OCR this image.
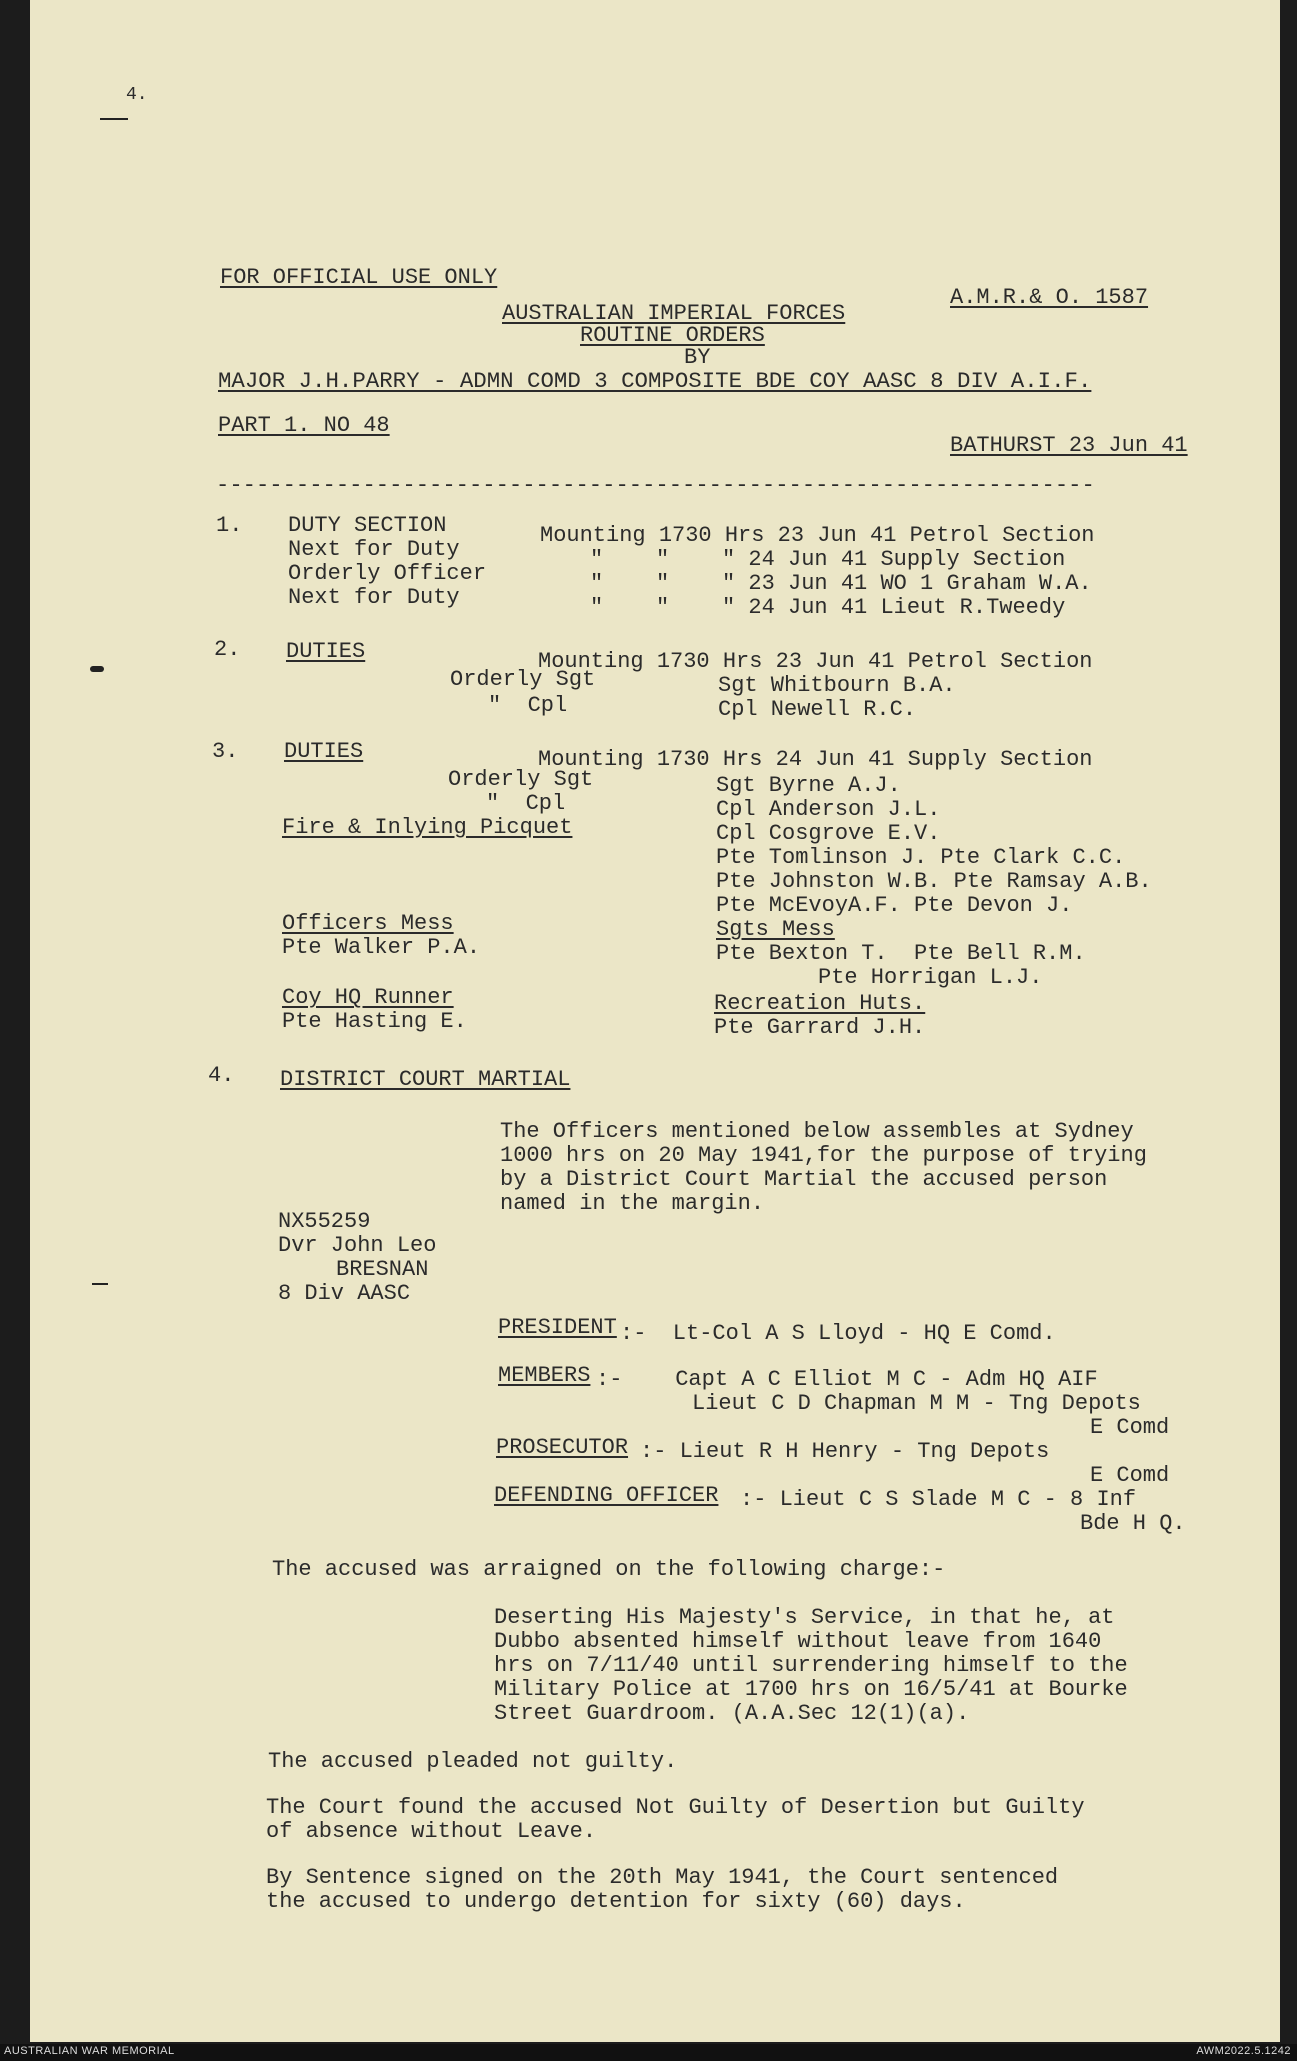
4.
FOR OFFICIAL USE ONLY
A.M.R.& O. 1587
AUSTRALIAN IMPERIAL FORCES
ROUTINE ORDERS
BY
MAJOR J.H.PARRY - ADMN COMD 3 COMPOSITE BDE COY AASC 8 DIV A.I.F.
PART 1. NO 48
BATHURST 23 Jun 41
------------------------------------------------------------------
1. DUTY SECTION	Mounting 1730 Hrs 23 Jun 41 Petrol Section
Next for Duty	"    "    " 24 Jun 41 Supply Section
Orderly Officer	"    "    " 23 Jun 41 WO 1 Graham W.A.
Next for Duty	"    "    " 24 Jun 41 Lieut R.Tweedy
2. DUTIES	Mounting 1730 Hrs 23 Jun 41 Petrol Section
Orderly Sgt	Sgt Whitbourn B.A.
"  Cpl	Cpl Newell R.C.
3. DUTIES	Mounting 1730 Hrs 24 Jun 41 Supply Section
Orderly Sgt	Sgt Byrne A.J.
"  Cpl	Cpl Anderson J.L.
Fire & Inlying Picquet	Cpl Cosgrove E.V.
Pte Tomlinson J. Pte Clark C.C.
Pte Johnston W.B. Pte Ramsay A.B.
Pte McEvoyA.F. Pte Devon J.
Officers Mess
Pte Walker P.A.
Sgts Mess
Pte Bexton T.  Pte Bell R.M.
Pte Horrigan L.J.
Coy HQ Runner
Pte Hasting E.
Recreation Huts.
Pte Garrard J.H.
4. DISTRICT COURT MARTIAL
The Officers mentioned below assembles at Sydney
1000 hrs on 20 May 1941,for the purpose of trying
by a District Court Martial the accused person
named in the margin.
NX55259
Dvr John Leo
BRESNAN
8 Div AASC
PRESIDENT :-  Lt-Col A S Lloyd - HQ E Comd.
MEMBERS :-    Capt A C Elliot M C - Adm HQ AIF
Lieut C D Chapman M M - Tng Depots
E Comd
PROSECUTOR :- Lieut R H Henry - Tng Depots
E Comd
DEFENDING OFFICER :- Lieut C S Slade M C - 8 Inf
Bde H Q.
The accused was arraigned on the following charge:-
Deserting His Majesty's Service, in that he, at
Dubbo absented himself without leave from 1640
hrs on 7/11/40 until surrendering himself to the
Military Police at 1700 hrs on 16/5/41 at Bourke
Street Guardroom. (A.A.Sec 12(1)(a).
The accused pleaded not guilty.
The Court found the accused Not Guilty of Desertion but Guilty
of absence without Leave.
By Sentence signed on the 20th May 1941, the Court sentenced
the accused to undergo detention for sixty (60) days.
AUSTRALIAN WAR MEMORIAL	AWM2022.5.1242
